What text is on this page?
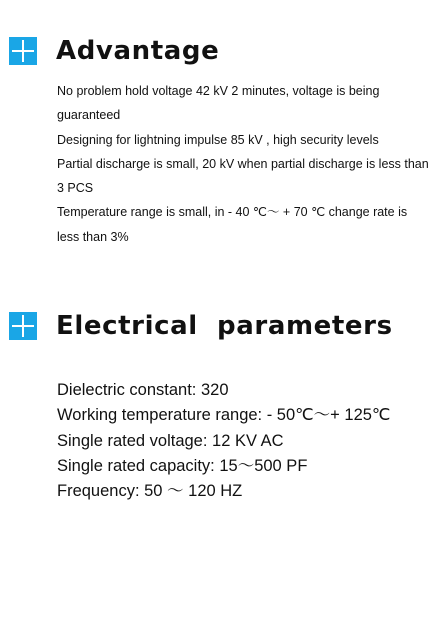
Advantage
No problem hold voltage 42 kV 2 minutes, voltage is being guaranteed
Designing for lightning impulse 85 kV , high security levels
Partial discharge is small, 20 kV when partial discharge is less than 3 PCS
Temperature range is small, in - 40 ℃～ + 70 ℃ change rate is less than 3%
Electrical  parameters
Dielectric constant: 320
Working temperature range: - 50℃～+ 125℃
Single rated voltage: 12 KV AC
Single rated capacity: 15～500 PF
Frequency: 50 ～ 120 HZ
